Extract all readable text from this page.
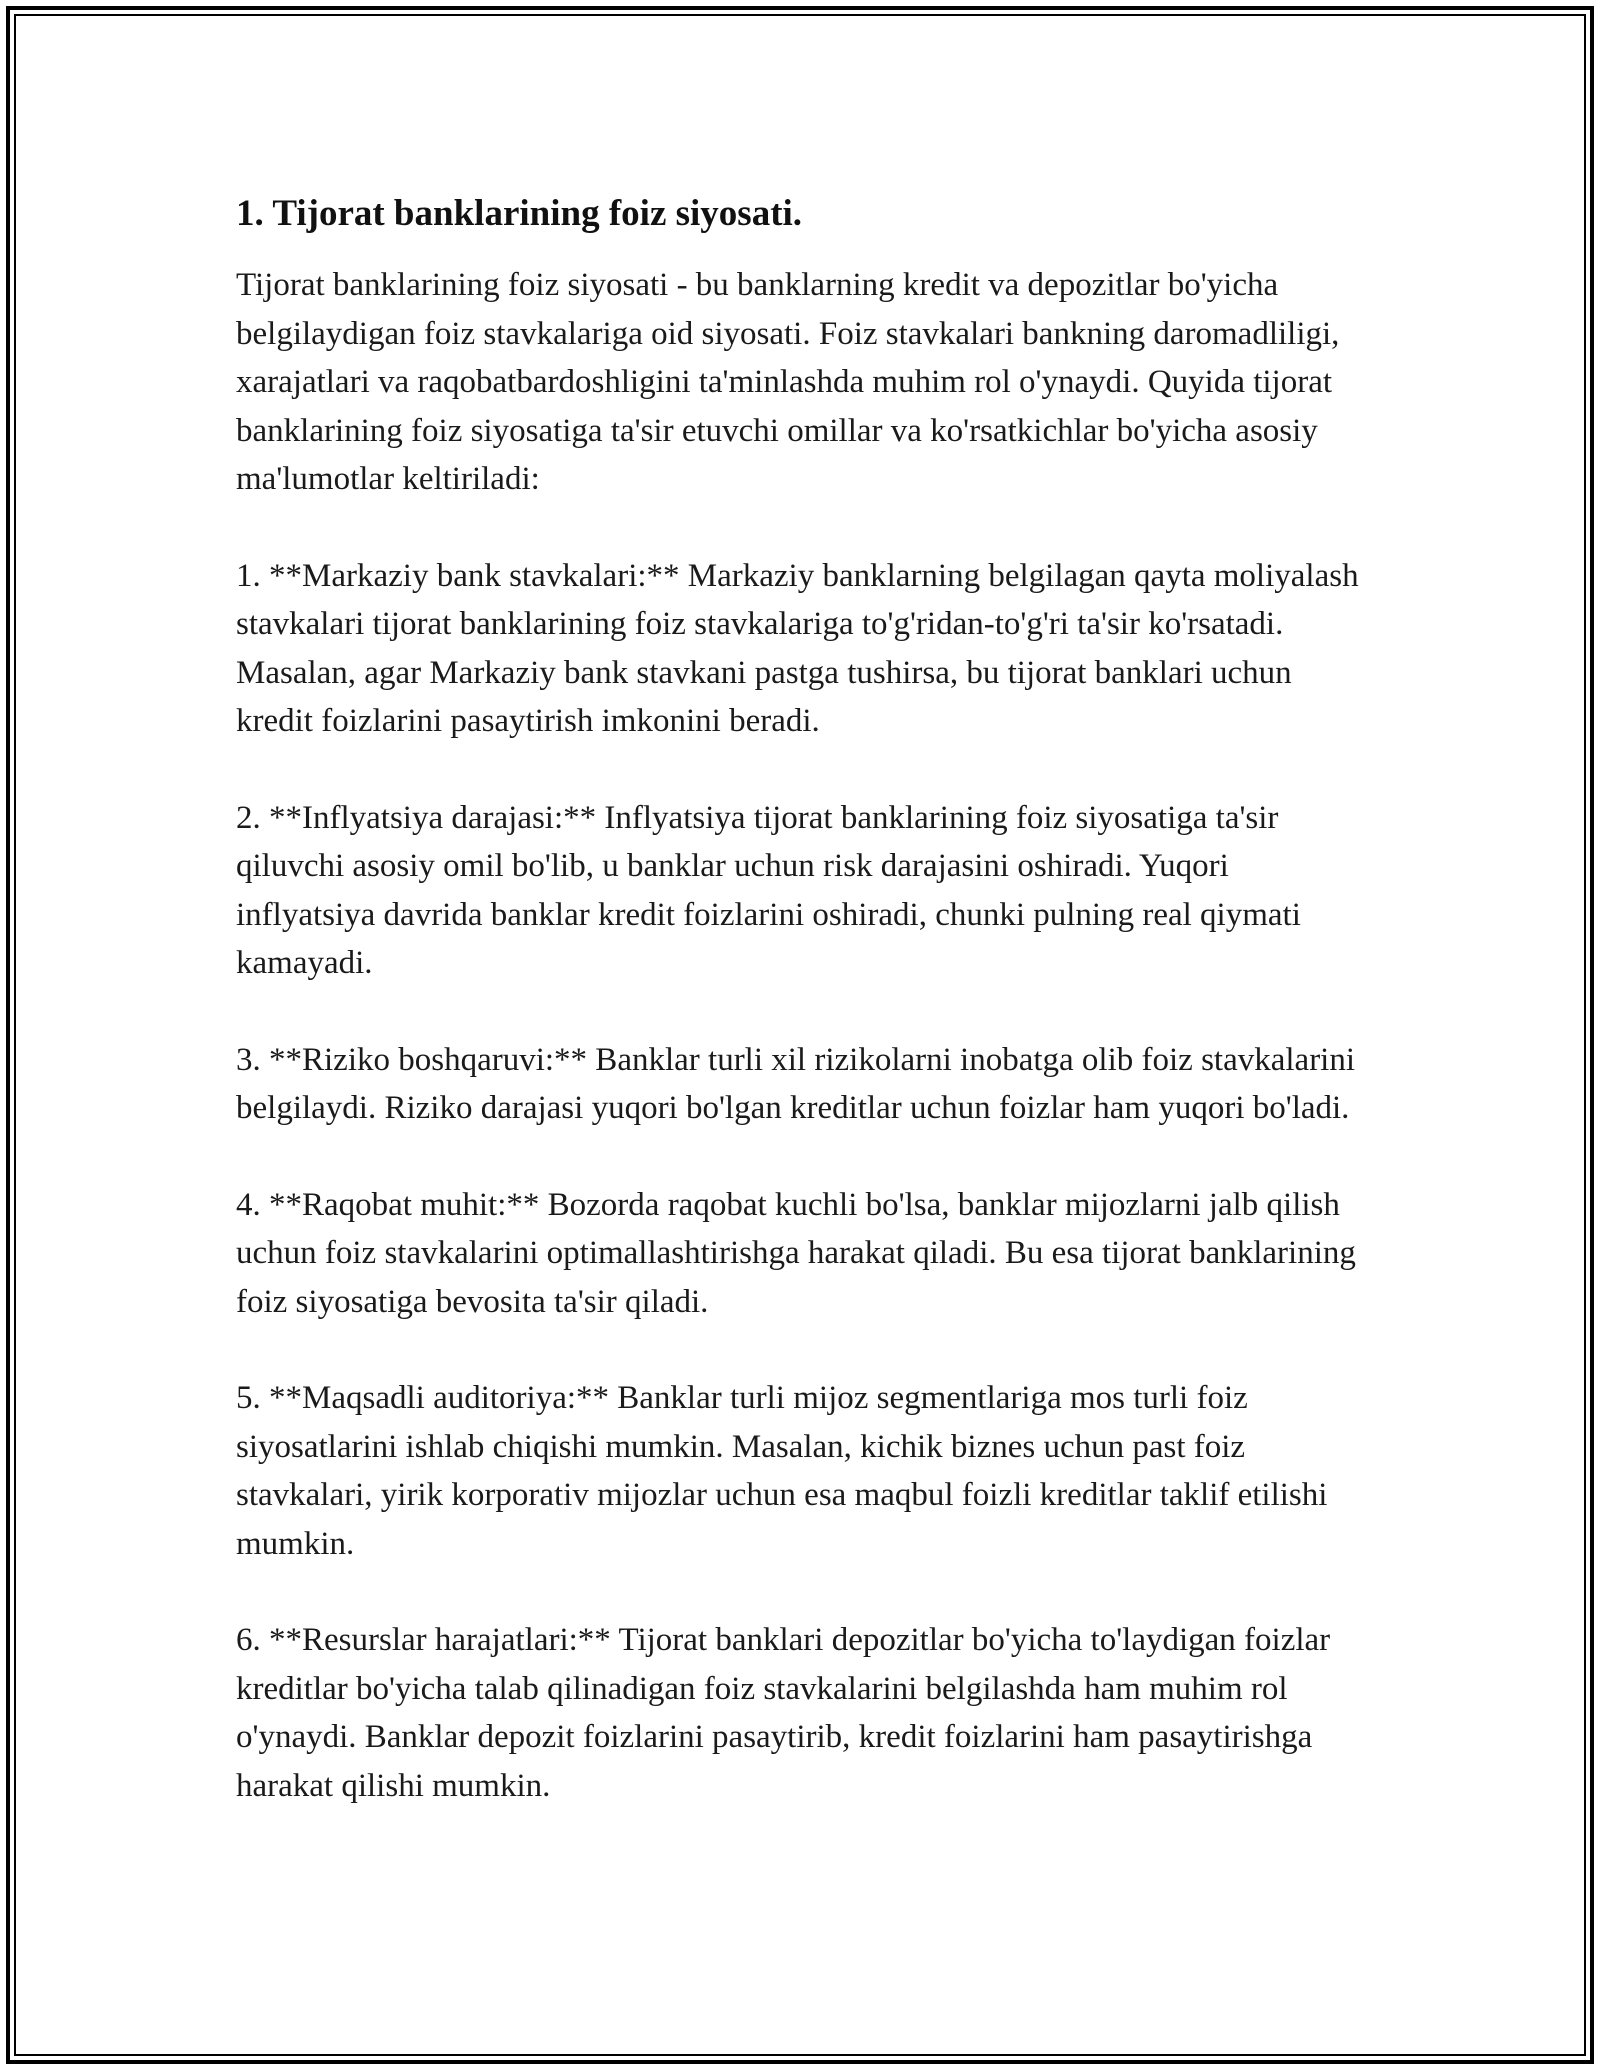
1. Tijorat banklarining foiz siyosati.

Tijorat banklarining foiz siyosati - bu banklarning kredit va depozitlar bo'yicha belgilaydigan foiz stavkalariga oid siyosati. Foiz stavkalari bankning daromadliligi, xarajatlari va raqobatbardoshligini ta'minlashda muhim rol o'ynaydi. Quyida tijorat banklarining foiz siyosatiga ta'sir etuvchi omillar va ko'rsatkichlar bo'yicha asosiy ma'lumotlar keltiriladi:

1. **Markaziy bank stavkalari:** Markaziy banklarning belgilagan qayta moliyalash stavkalari tijorat banklarining foiz stavkalariga to'g'ridan-to'g'ri ta'sir ko'rsatadi. Masalan, agar Markaziy bank stavkani pastga tushirsa, bu tijorat banklari uchun kredit foizlarini pasaytirish imkonini beradi.

2. **Inflyatsiya darajasi:** Inflyatsiya tijorat banklarining foiz siyosatiga ta'sir qiluvchi asosiy omil bo'lib, u banklar uchun risk darajasini oshiradi. Yuqori inflyatsiya davrida banklar kredit foizlarini oshiradi, chunki pulning real qiymati kamayadi.

3. **Riziko boshqaruvi:** Banklar turli xil rizikolarni inobatga olib foiz stavkalarini belgilaydi. Riziko darajasi yuqori bo'lgan kreditlar uchun foizlar ham yuqori bo'ladi.

4. **Raqobat muhit:** Bozorda raqobat kuchli bo'lsa, banklar mijozlarni jalb qilish uchun foiz stavkalarini optimallashtirishga harakat qiladi. Bu esa tijorat banklarining foiz siyosatiga bevosita ta'sir qiladi.

5. **Maqsadli auditoriya:** Banklar turli mijoz segmentlariga mos turli foiz siyosatlarini ishlab chiqishi mumkin. Masalan, kichik biznes uchun past foiz stavkalari, yirik korporativ mijozlar uchun esa maqbul foizli kreditlar taklif etilishi mumkin.

6. **Resurslar harajatlari:** Tijorat banklari depozitlar bo'yicha to'laydigan foizlar kreditlar bo'yicha talab qilinadigan foiz stavkalarini belgilashda ham muhim rol o'ynaydi. Banklar depozit foizlarini pasaytirib, kredit foizlarini ham pasaytirishga harakat qilishi mumkin.
